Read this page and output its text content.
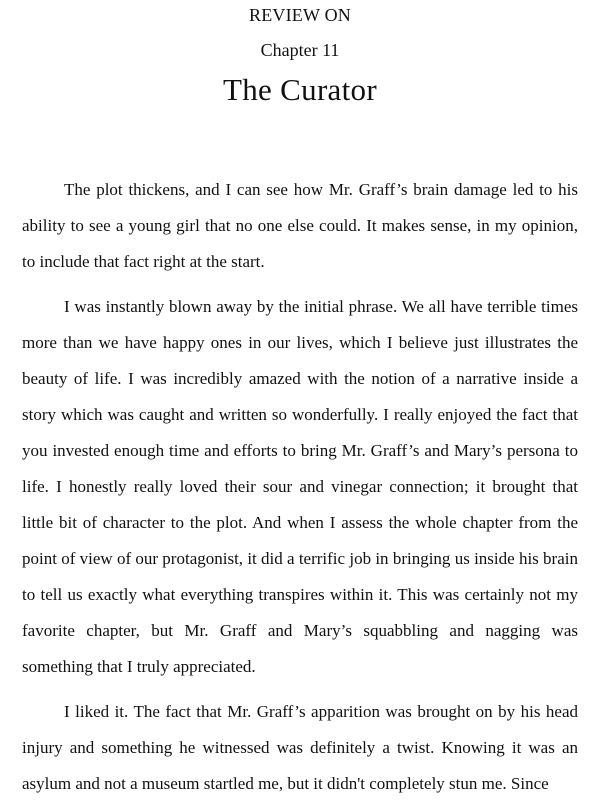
REVIEW ON
Chapter 11
The Curator

The plot thickens, and I can see how Mr. Graff’s brain damage led to his ability to see a young girl that no one else could. It makes sense, in my opinion, to include that fact right at the start.

I was instantly blown away by the initial phrase. We all have terrible times more than we have happy ones in our lives, which I believe just illustrates the beauty of life. I was incredibly amazed with the notion of a narrative inside a story which was caught and written so wonderfully. I really enjoyed the fact that you invested enough time and efforts to bring Mr. Graff’s and Mary’s persona to life. I honestly really loved their sour and vinegar connection; it brought that little bit of character to the plot. And when I assess the whole chapter from the point of view of our protagonist, it did a terrific job in bringing us inside his brain to tell us exactly what everything transpires within it. This was certainly not my favorite chapter, but Mr. Graff and Mary’s squabbling and nagging was something that I truly appreciated.

I liked it. The fact that Mr. Graff’s apparition was brought on by his head injury and something he witnessed was definitely a twist. Knowing it was an asylum and not a museum startled me, but it didn't completely stun me. Since
